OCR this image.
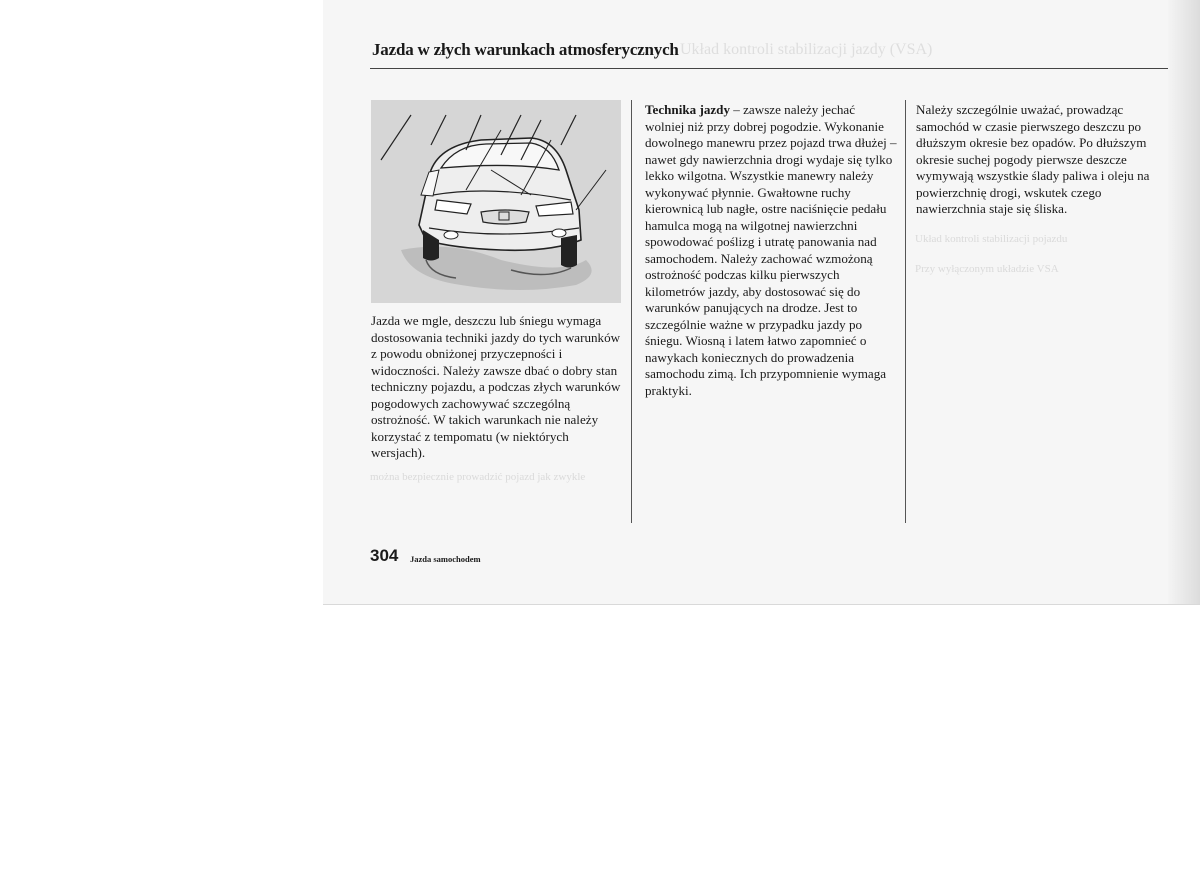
Układ kontroli stabilizacji jazdy (VSA)

Jazda w złych warunkach atmosferycznych

Układ kontroli stabilizacji pojazdu

Przy wyłączonym układzie VSA

można bezpiecznie prowadzić pojazd jak zwykle

Jazda we mgle, deszczu lub śniegu wymaga dostosowania techniki jazdy do tych warunków z powodu obniżonej przyczepności i widoczności. Należy zawsze dbać o dobry stan techniczny pojazdu, a podczas złych warunków pogodowych zachowywać szczególną ostrożność. W takich warunkach nie należy korzystać z tempomatu (w niektórych wersjach).

Technika jazdy – zawsze należy jechać wolniej niż przy dobrej pogodzie. Wykonanie dowolnego manewru przez pojazd trwa dłużej – nawet gdy nawierzchnia drogi wydaje się tylko lekko wilgotna. Wszystkie manewry należy wykonywać płynnie. Gwałtowne ruchy kierownicą lub nagłe, ostre naciśnięcie pedału hamulca mogą na wilgotnej nawierzchni spowodować poślizg i utratę panowania nad samochodem. Należy zachować wzmożoną ostrożność podczas kilku pierwszych kilometrów jazdy, aby dostosować się do warunków panujących na drodze. Jest to szczególnie ważne w przypadku jazdy po śniegu. Wiosną i latem łatwo zapomnieć o nawykach koniecznych do prowadzenia samochodu zimą. Ich przypomnienie wymaga praktyki.

Należy szczególnie uważać, prowadząc samochód w czasie pierwszego deszczu po dłuższym okresie bez opadów. Po dłuższym okresie suchej pogody pierwsze deszcze wymywają wszystkie ślady paliwa i oleju na powierzchnię drogi, wskutek czego nawierzchnia staje się śliska.

304 Jazda samochodem
